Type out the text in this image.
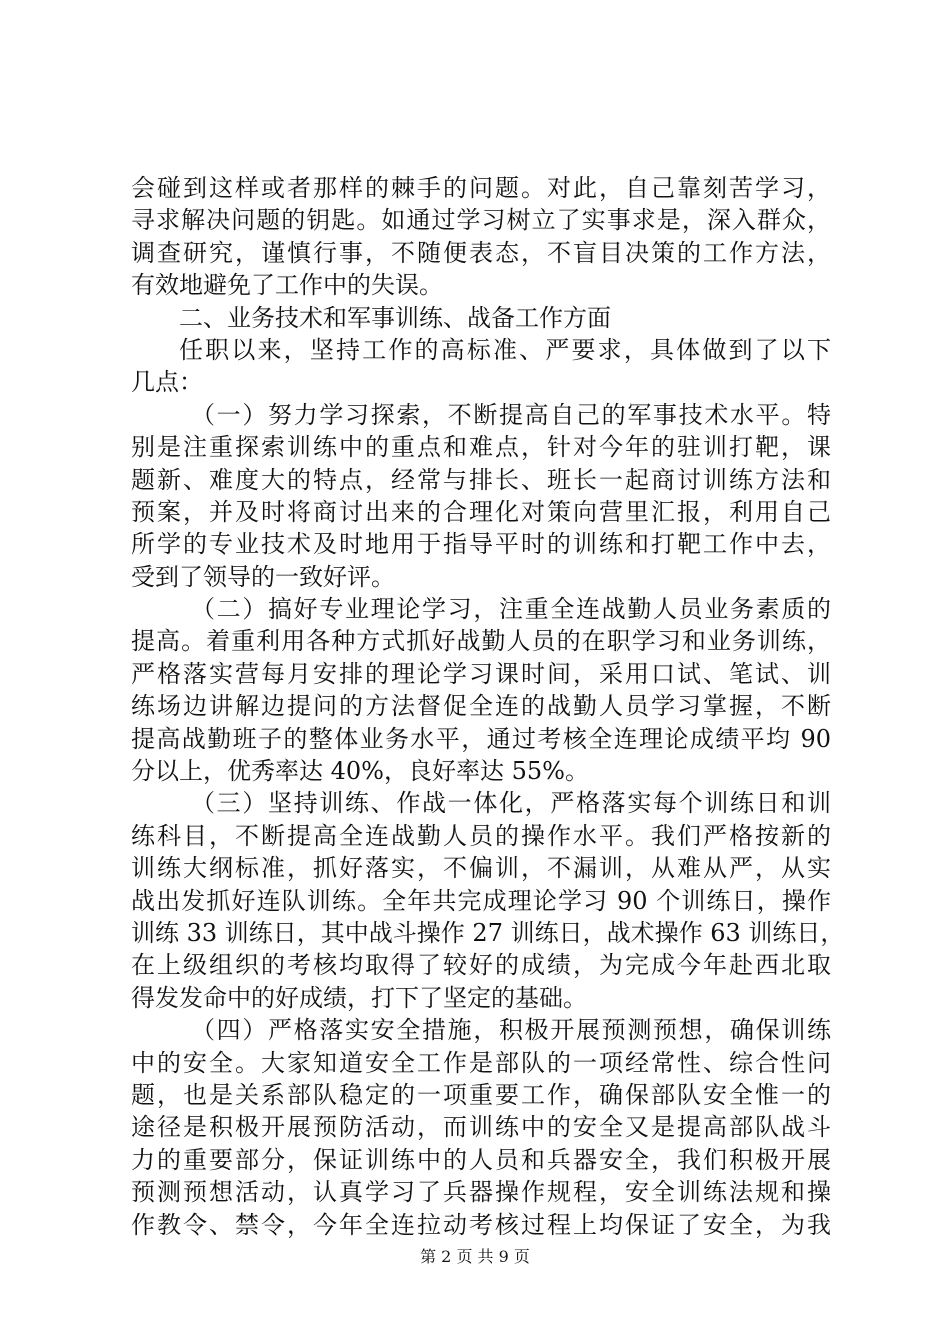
会碰到这样或者那样的棘手的问题。对此，自己靠刻苦学习，
寻求解决问题的钥匙。如通过学习树立了实事求是，深入群众，
调查研究，谨慎行事，不随便表态，不盲目决策的工作方法，
有效地避免了工作中的失误。
二、业务技术和军事训练、战备工作方面
任职以来，坚持工作的高标准、严要求，具体做到了以下
几点：
（一）努力学习探索，不断提高自己的军事技术水平。特
别是注重探索训练中的重点和难点，针对今年的驻训打靶，课
题新、难度大的特点，经常与排长、班长一起商讨训练方法和
预案，并及时将商讨出来的合理化对策向营里汇报，利用自己
所学的专业技术及时地用于指导平时的训练和打靶工作中去，
受到了领导的一致好评。
（二）搞好专业理论学习，注重全连战勤人员业务素质的
提高。着重利用各种方式抓好战勤人员的在职学习和业务训练，
严格落实营每月安排的理论学习课时间，采用口试、笔试、训
练场边讲解边提问的方法督促全连的战勤人员学习掌握，不断
提高战勤班子的整体业务水平，通过考核全连理论成绩平均 90
分以上，优秀率达 40%，良好率达 55%。
（三）坚持训练、作战一体化，严格落实每个训练日和训
练科目，不断提高全连战勤人员的操作水平。我们严格按新的
训练大纲标准，抓好落实，不偏训，不漏训，从难从严，从实
战出发抓好连队训练。全年共完成理论学习 90 个训练日，操作
训练 33 训练日，其中战斗操作 27 训练日，战术操作 63 训练日，
在上级组织的考核均取得了较好的成绩，为完成今年赴西北取
得发发命中的好成绩，打下了坚定的基础。
（四）严格落实安全措施，积极开展预测预想，确保训练
中的安全。大家知道安全工作是部队的一项经常性、综合性问
题，也是关系部队稳定的一项重要工作，确保部队安全惟一的
途径是积极开展预防活动，而训练中的安全又是提高部队战斗
力的重要部分，保证训练中的人员和兵器安全，我们积极开展
预测预想活动，认真学习了兵器操作规程，安全训练法规和操
作教令、禁令，今年全连拉动考核过程上均保证了安全，为我
第 2 页 共 9 页
